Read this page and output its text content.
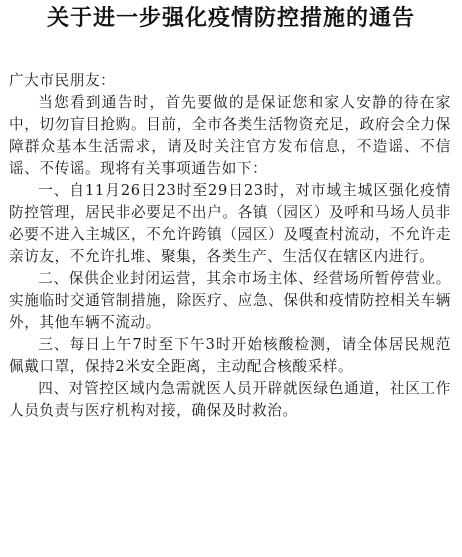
关于进一步强化疫情防控措施的通告

广大市民朋友：

当您看到通告时，首先要做的是保证您和家人安静的待在家中，切勿盲目抢购。目前，全市各类生活物资充足，政府会全力保障群众基本生活需求，请及时关注官方发布信息，不造谣、不信谣、不传谣。现将有关事项通告如下：

一、自11月26日23时至29日23时，对市域主城区强化疫情防控管理，居民非必要足不出户。各镇（园区）及呼和马场人员非必要不进入主城区，不允许跨镇（园区）及嘎查村流动，不允许走亲访友，不允许扎堆、聚集，各类生产、生活仅在辖区内进行。

二、保供企业封闭运营，其余市场主体、经营场所暂停营业。实施临时交通管制措施，除医疗、应急、保供和疫情防控相关车辆外，其他车辆不流动。

三、每日上午7时至下午3时开始核酸检测，请全体居民规范佩戴口罩，保持2米安全距离，主动配合核酸采样。

四、对管控区域内急需就医人员开辟就医绿色通道，社区工作人员负责与医疗机构对接，确保及时救治。
